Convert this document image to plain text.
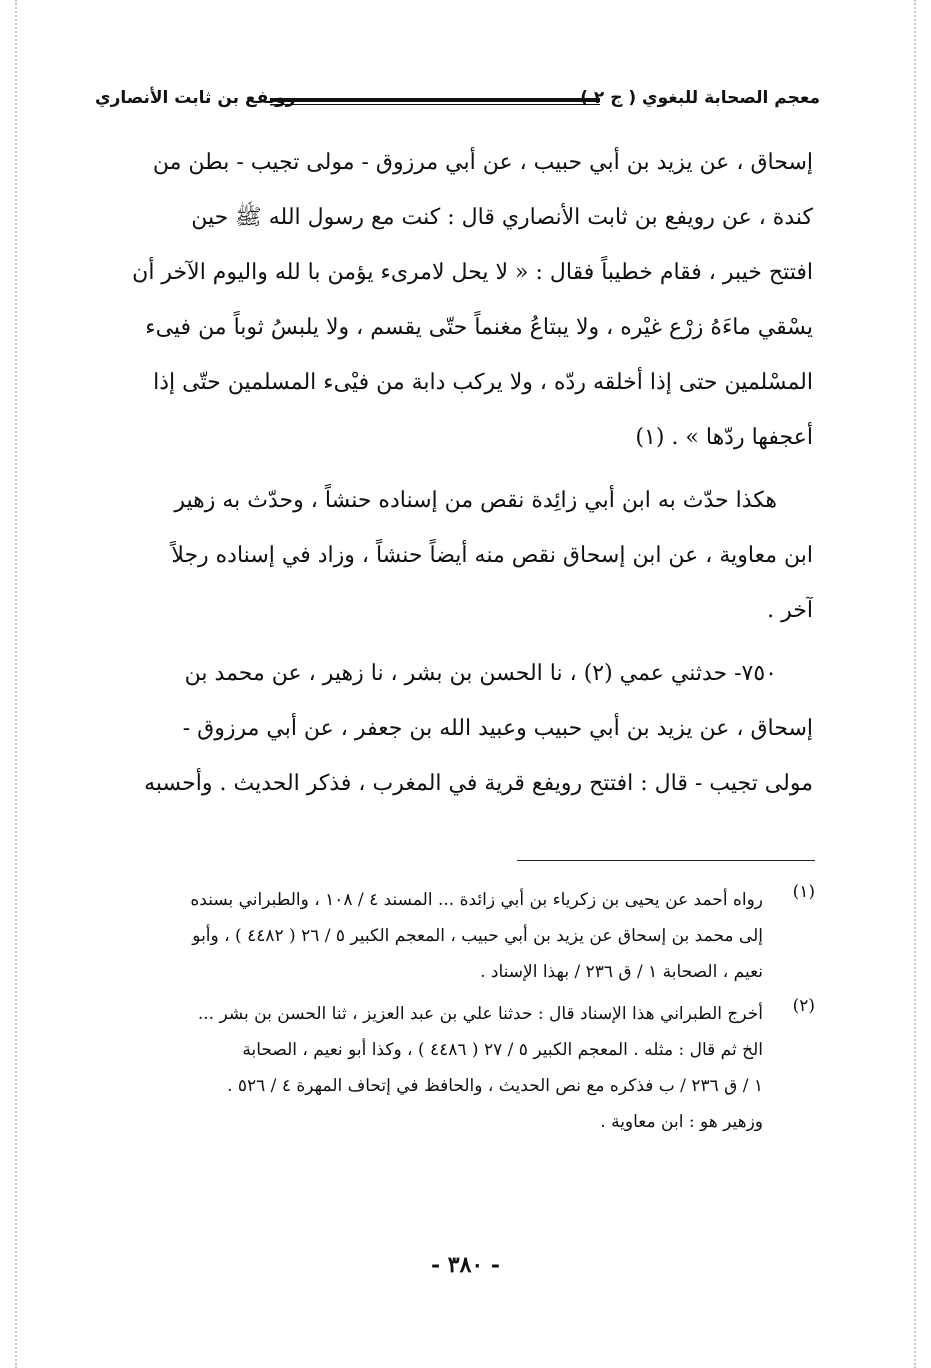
رويفع بن ثابت الأنصاري	معجم الصحابة للبغوي ( ج ٢ )
إسحاق ، عن يزيد بن أبي حبيب ، عن أبي مرزوق - مولى تجيب - بطن من
كندة ، عن رويفع بن ثابت الأنصاري قال : كنت مع رسول الله ﷺ حين
افتتح خيبر ، فقام خطيباً فقال : « لا يحل لامرىء يؤمن با لله واليوم الآخر أن
يسْقي ماءَهُ زرْع غيْره ، ولا يبتاعُ مغنماً حتّى يقسم ، ولا يلبسُ ثوباً من فيىء
المسْلمين حتى إذا أخلقه ردّه ، ولا يركب دابة من فيْىء المسلمين حتّى إذا
أعجفها ردّها » . (١)
هكذا حدّث به ابن أبي زائِدة نقص من إسناده حنشاً ، وحدّث به زهير
ابن معاوية ، عن ابن إسحاق نقص منه أيضاً حنشاً ، وزاد في إسناده رجلاً
آخر .
٧٥٠- حدثني عمي (٢) ، نا الحسن بن بشر ، نا زهير ، عن محمد بن
إسحاق ، عن يزيد بن أبي حبيب وعبيد الله بن جعفر ، عن أبي مرزوق -
مولى تجيب - قال : افتتح رويفع قرية في المغرب ، فذكر الحديث . وأحسبه
(١)
رواه أحمد عن يحيى بن زكرياء بن أبي زائدة ... المسند ٤ / ١٠٨ ، والطبراني بسنده
إلى محمد بن إسحاق عن يزيد بن أبي حبيب ، المعجم الكبير ٥ / ٢٦ ( ٤٤٨٢ ) ، وأبو
نعيم ، الصحابة ١ / ق ٢٣٦ / بهذا الإسناد .
(٢)
أخرج الطبراني هذا الإسناد قال : حدثنا علي بن عبد العزيز ، ثنا الحسن بن بشر ...
الخ ثم قال : مثله . المعجم الكبير ٥ / ٢٧ ( ٤٤٨٦ ) ، وكذا أبو نعيم ، الصحابة
١ / ق ٢٣٦ / ب فذكره مع نص الحديث ، والحافظ في إتحاف المهرة ٤ / ٥٢٦ .
وزهير هو : ابن معاوية .
- ٣٨٠ -
